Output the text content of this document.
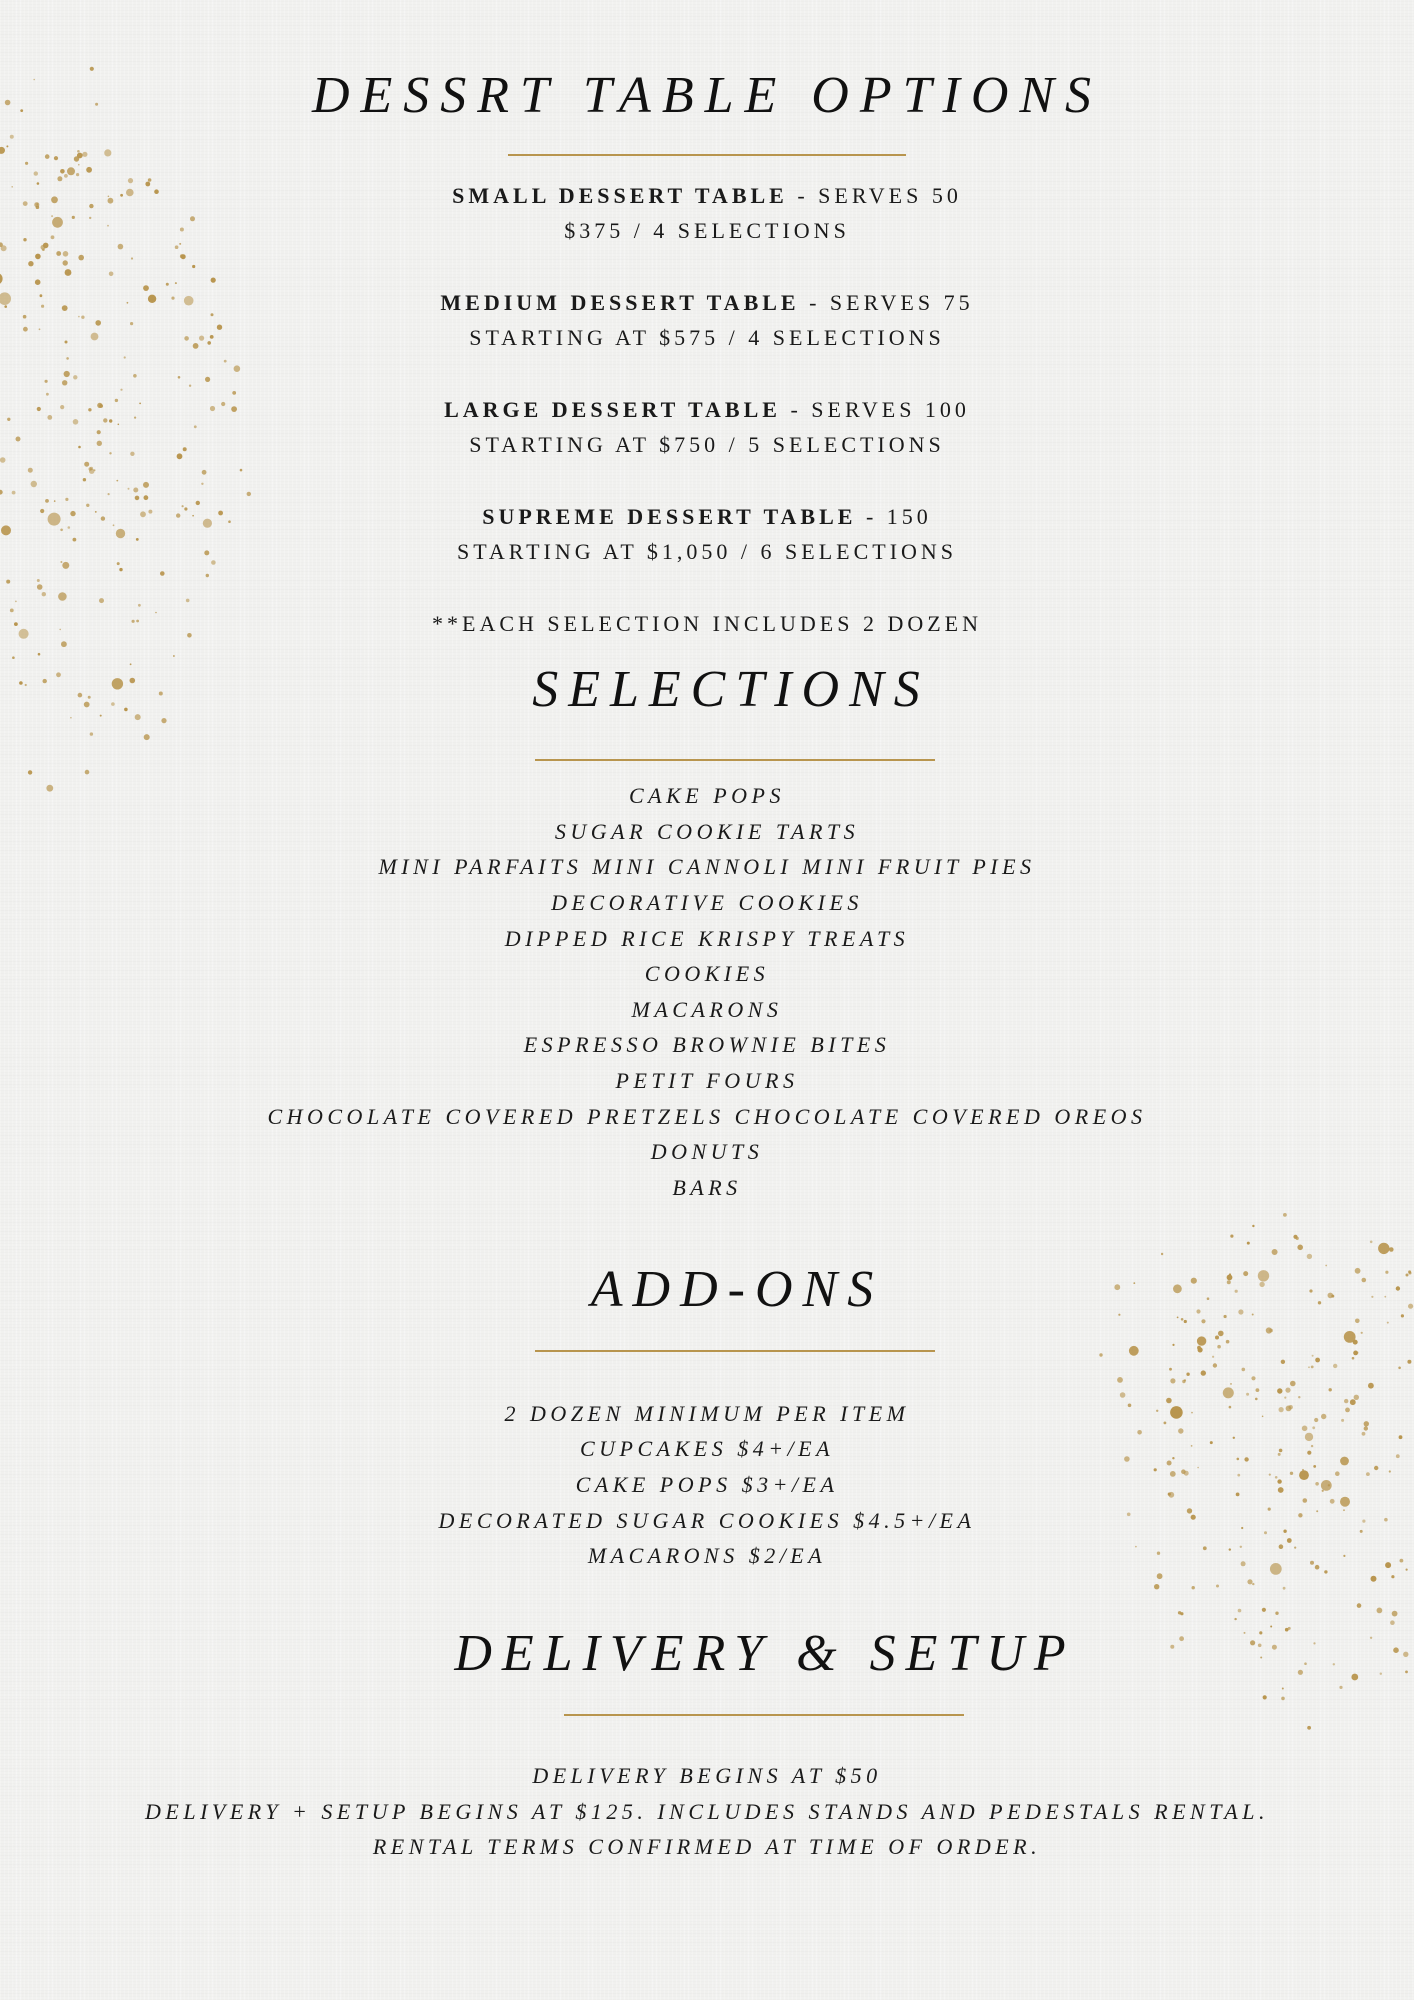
DESSRT TABLE OPTIONS
SMALL DESSERT TABLE - SERVES 50
$375 / 4 SELECTIONS
MEDIUM DESSERT TABLE - SERVES 75
STARTING AT $575 / 4 SELECTIONS
LARGE DESSERT TABLE - SERVES 100
STARTING AT $750 / 5 SELECTIONS
SUPREME DESSERT TABLE - 150
STARTING AT $1,050 / 6 SELECTIONS
**EACH SELECTION INCLUDES 2 DOZEN
SELECTIONS
CAKE POPS
SUGAR COOKIE TARTS
MINI PARFAITS MINI CANNOLI MINI FRUIT PIES
DECORATIVE COOKIES
DIPPED RICE KRISPY TREATS
COOKIES
MACARONS
ESPRESSO BROWNIE BITES
PETIT FOURS
CHOCOLATE COVERED PRETZELS CHOCOLATE COVERED OREOS
DONUTS
BARS
ADD-ONS
2 DOZEN MINIMUM PER ITEM
CUPCAKES $4+/EA
CAKE POPS $3+/EA
DECORATED SUGAR COOKIES $4.5+/EA
MACARONS $2/EA
DELIVERY & SETUP
DELIVERY BEGINS AT $50
DELIVERY + SETUP BEGINS AT $125. INCLUDES STANDS AND PEDESTALS RENTAL.
RENTAL TERMS CONFIRMED AT TIME OF ORDER.
